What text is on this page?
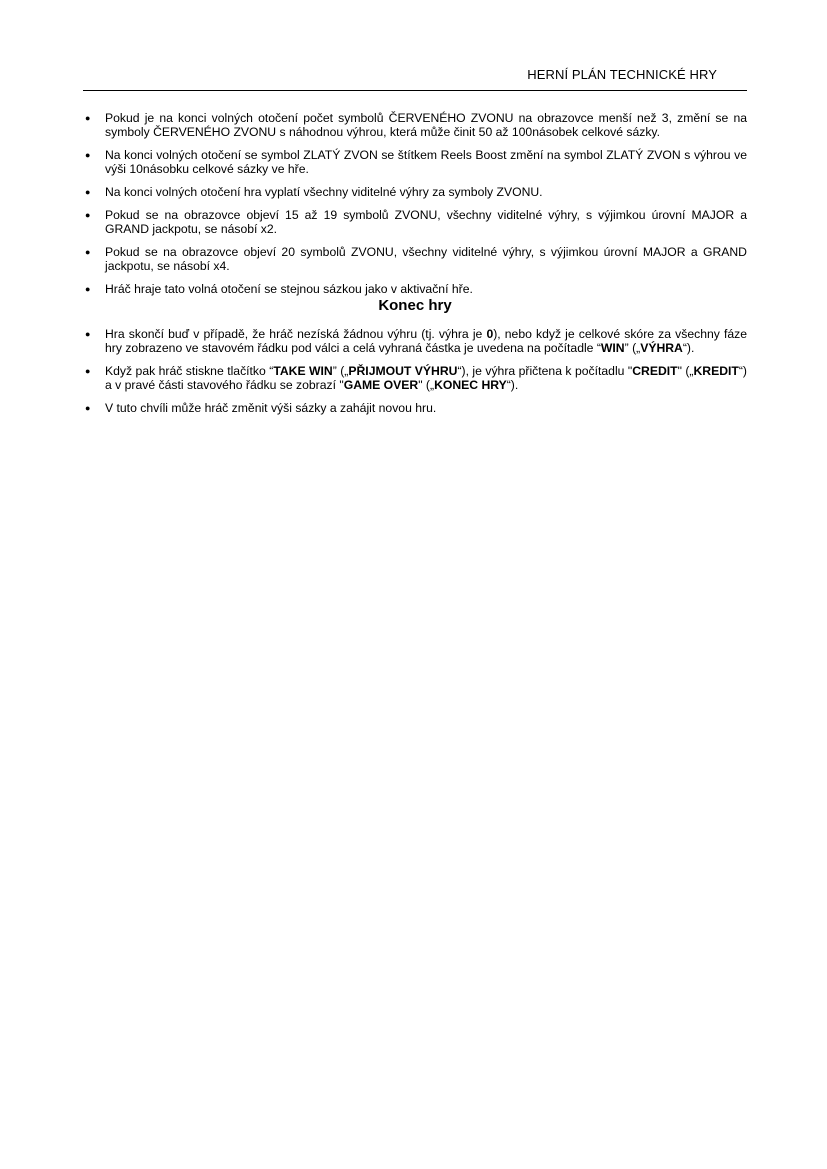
HERNÍ PLÁN TECHNICKÉ HRY
● Pokud je na konci volných otočení počet symbolů ČERVENÉHO ZVONU na obrazovce menší než 3, změní se na symboly ČERVENÉHO ZVONU s náhodnou výhrou, která může činit 50 až 100násobek celkové sázky.
● Na konci volných otočení se symbol ZLATÝ ZVON se štítkem Reels Boost změní na symbol ZLATÝ ZVON s výhrou ve výši 10násobku celkové sázky ve hře.
● Na konci volných otočení hra vyplatí všechny viditelné výhry za symboly ZVONU.
● Pokud se na obrazovce objeví 15 až 19 symbolů ZVONU, všechny viditelné výhry, s výjimkou úrovní MAJOR a GRAND jackpotu, se násobí x2.
● Pokud se na obrazovce objeví 20 symbolů ZVONU, všechny viditelné výhry, s výjimkou úrovní MAJOR a GRAND jackpotu, se násobí x4.
● Hráč hraje tato volná otočení se stejnou sázkou jako v aktivační hře.
Konec hry
● Hra skončí buď v případě, že hráč nezíská žádnou výhru (tj. výhra je 0), nebo když je celkové skóre za všechny fáze hry zobrazeno ve stavovém řádku pod válci a celá vyhraná částka je uvedena na počítadle “WIN” („VÝHRA“).
● Když pak hráč stiskne tlačítko “TAKE WIN” („PŘIJMOUT VÝHRU“), je výhra přičtena k počítadlu "CREDIT" („KREDIT“) a v pravé části stavového řádku se zobrazí "GAME OVER" („KONEC HRY“).
● V tuto chvíli může hráč změnit výši sázky a zahájit novou hru.
